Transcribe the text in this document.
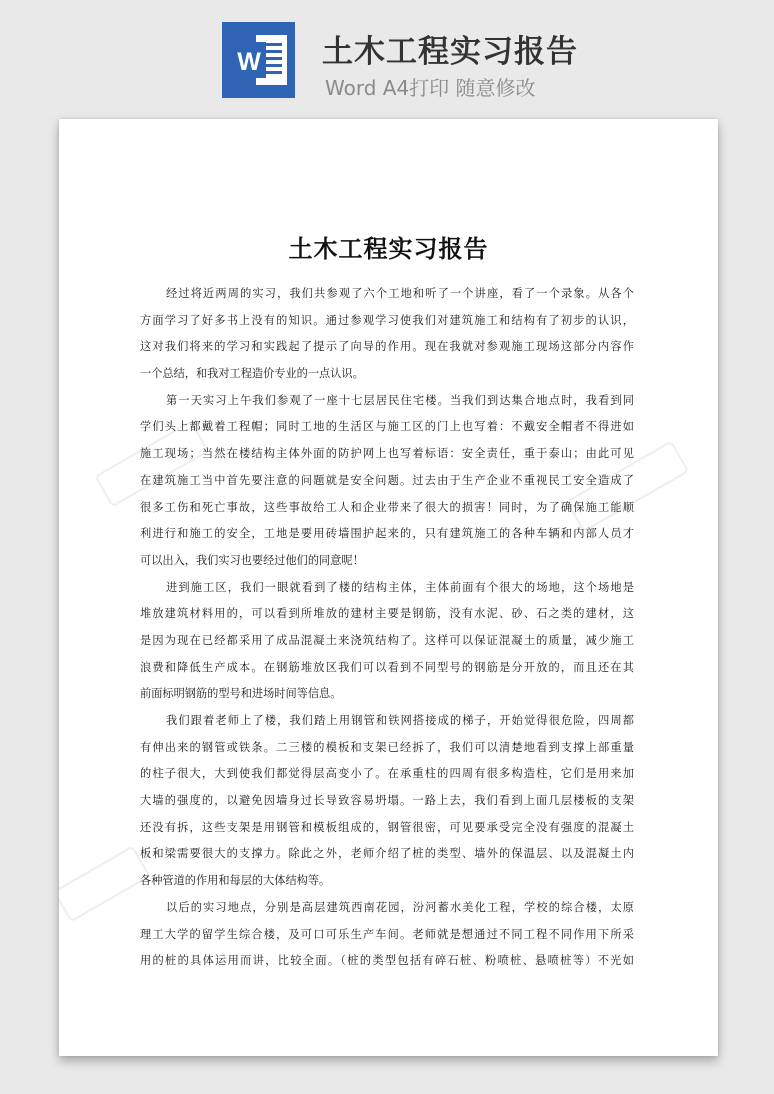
W 土木工程实习报告
Word A4打印 随意修改
土木工程实习报告
经过将近两周的实习，我们共参观了六个工地和听了一个讲座，看了一个录象。从各个
方面学习了好多书上没有的知识。通过参观学习使我们对建筑施工和结构有了初步的认识，
这对我们将来的学习和实践起了提示了向导的作用。现在我就对参观施工现场这部分内容作
一个总结，和我对工程造价专业的一点认识。
第一天实习上午我们参观了一座十七层居民住宅楼。当我们到达集合地点时，我看到同
学们头上都戴着工程帽；同时工地的生活区与施工区的门上也写着：不戴安全帽者不得进如
施工现场；当然在楼结构主体外面的防护网上也写着标语：安全责任，重于泰山；由此可见
在建筑施工当中首先要注意的问题就是安全问题。过去由于生产企业不重视民工安全造成了
很多工伤和死亡事故，这些事故给工人和企业带来了很大的损害！同时，为了确保施工能顺
利进行和施工的安全，工地是要用砖墙围护起来的，只有建筑施工的各种车辆和内部人员才
可以出入，我们实习也要经过他们的同意呢！
进到施工区，我们一眼就看到了楼的结构主体，主体前面有个很大的场地，这个场地是
堆放建筑材料用的，可以看到所堆放的建材主要是钢筋，没有水泥、砂、石之类的建材，这
是因为现在已经都采用了成品混凝土来浇筑结构了。这样可以保证混凝土的质量，减少施工
浪费和降低生产成本。在钢筋堆放区我们可以看到不同型号的钢筋是分开放的，而且还在其
前面标明钢筋的型号和进场时间等信息。
我们跟着老师上了楼，我们踏上用钢管和铁网搭接成的梯子，开始觉得很危险，四周都
有伸出来的钢管或铁条。二三楼的模板和支架已经拆了，我们可以清楚地看到支撑上部重量
的柱子很大，大到使我们都觉得层高变小了。在承重柱的四周有很多构造柱，它们是用来加
大墙的强度的，以避免因墙身过长导致容易坍塌。一路上去，我们看到上面几层楼板的支架
还没有拆，这些支架是用钢管和模板组成的，钢管很密，可见要承受完全没有强度的混凝土
板和梁需要很大的支撑力。除此之外，老师介绍了桩的类型、墙外的保温层、以及混凝土内
各种管道的作用和每层的大体结构等。
以后的实习地点，分别是高层建筑西南花园，汾河蓄水美化工程，学校的综合楼，太原
理工大学的留学生综合楼，及可口可乐生产车间。老师就是想通过不同工程不同作用下所采
用的桩的具体运用而讲，比较全面。（桩的类型包括有碎石桩、粉喷桩、悬喷桩等）不光如
